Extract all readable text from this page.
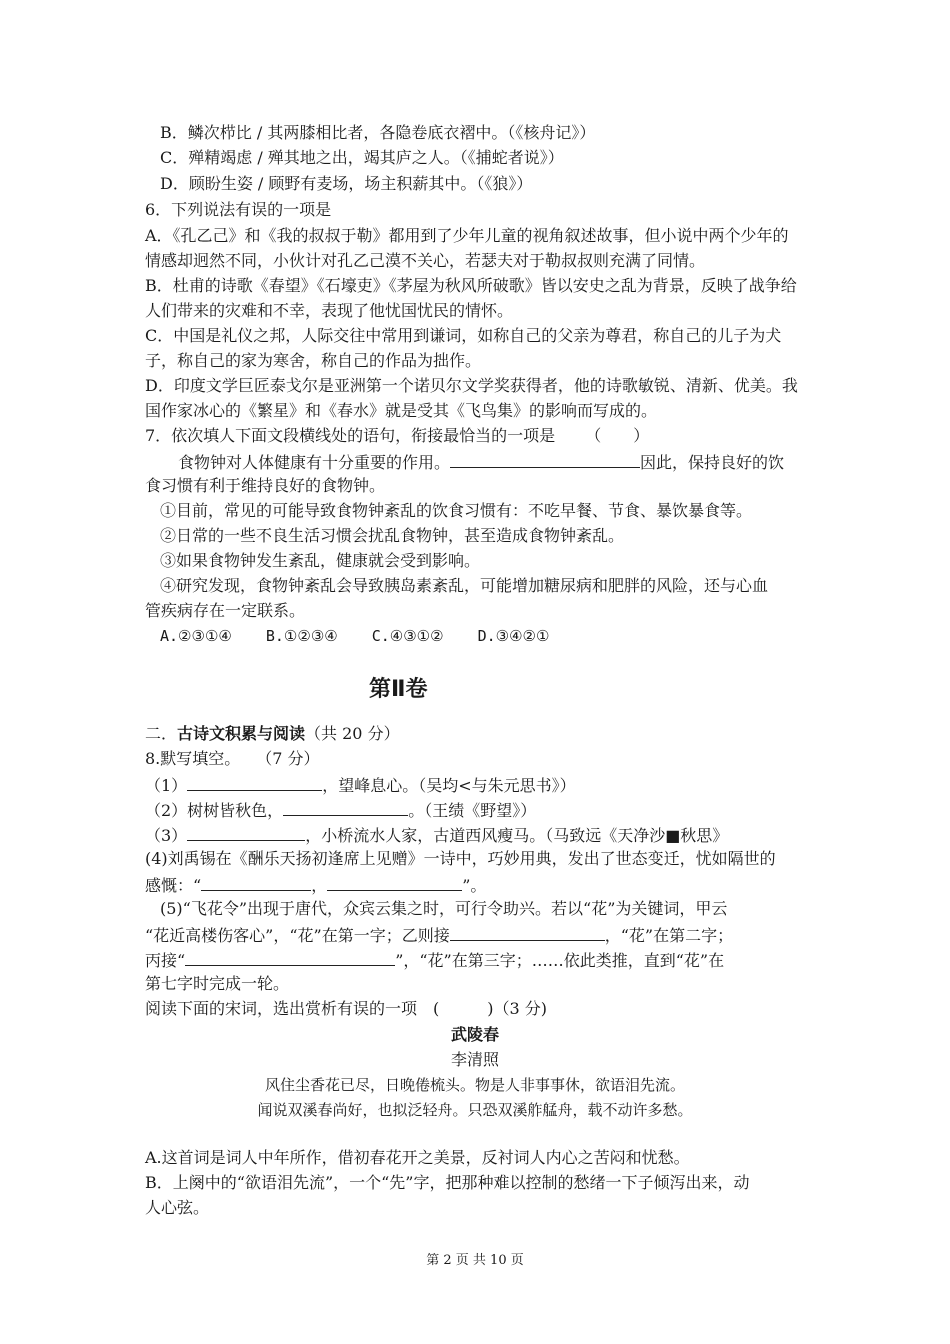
B．鳞次栉比 / 其两膝相比者，各隐卷底衣褶中。（《核舟记》）
C．殚精竭虑 / 殚其地之出，竭其庐之人。（《捕蛇者说》）
D．顾盼生姿 / 顾野有麦场，场主积薪其中。（《狼》）
6．下列说法有误的一项是
A．《孔乙己》和《我的叔叔于勒》都用到了少年儿童的视角叙述故事，但小说中两个少年的
情感却迥然不同，小伙计对孔乙己漠不关心，若瑟夫对于勒叔叔则充满了同情。
B．杜甫的诗歌《春望》《石壕吏》《茅屋为秋风所破歌》皆以安史之乱为背景，反映了战争给
人们带来的灾难和不幸，表现了他忧国忧民的情怀。
C．中国是礼仪之邦，人际交往中常用到谦词，如称自己的父亲为尊君，称自己的儿子为犬
子，称自己的家为寒舍，称自己的作品为拙作。
D．印度文学巨匠泰戈尔是亚洲第一个诺贝尔文学奖获得者，他的诗歌敏锐、清新、优美。我
国作家冰心的《繁星》和《春水》就是受其《飞鸟集》的影响而写成的。
7．依次填人下面文段横线处的语句，衔接最恰当的一项是 （　　）
食物钟对人体健康有十分重要的作用。	因此，保持良好的饮
食习惯有利于维持良好的食物钟。
①目前，常见的可能导致食物钟紊乱的饮食习惯有：不吃早餐、节食、暴饮暴食等。
②日常的一些不良生活习惯会扰乱食物钟，甚至造成食物钟紊乱。
③如果食物钟发生紊乱，健康就会受到影响。
④研究发现，食物钟紊乱会导致胰岛素紊乱，可能增加糖尿病和肥胖的风险，还与心血
管疾病存在一定联系。
A.②③①④ B.①②③④ C.④③①② D.③④②①
第Ⅱ卷
二．古诗文积累与阅读（共 20 分）
8.默写填空。　　（7 分）
（1）	，望峰息心。（吴均<与朱元思书》）
（2）树树皆秋色，	。（王绩《野望》）
（3）	，小桥流水人家，古道西风瘦马。（马致远《天净沙■秋思》
(4)刘禹锡在《酬乐天扬初逢席上见赠》一诗中，巧妙用典，发出了世态变迁，忧如隔世的
感慨：“	，	”。
(5)“飞花令”出现于唐代，众宾云集之时，可行令助兴。若以“花”为关键词，甲云
“花近高楼伤客心”，“花”在第一字；乙则接	，“花”在第二字；
丙接“	”，“花”在第三字；……依此类推，直到“花”在
第七字时完成一轮。
阅读下面的宋词，选出赏析有误的一项　(　　　)（3 分)
武陵春
李清照
风住尘香花已尽，日晚倦梳头。物是人非事事休，欲语泪先流。
闻说双溪春尚好，也拟泛轻舟。只恐双溪舴艋舟，载不动许多愁。
A.这首词是词人中年所作，借初春花开之美景，反衬词人内心之苦闷和忧愁。
B．上阕中的“欲语泪先流”，一个“先”字，把那种难以控制的愁绪一下子倾泻出来，动
人心弦。
第 2 页 共 10 页
